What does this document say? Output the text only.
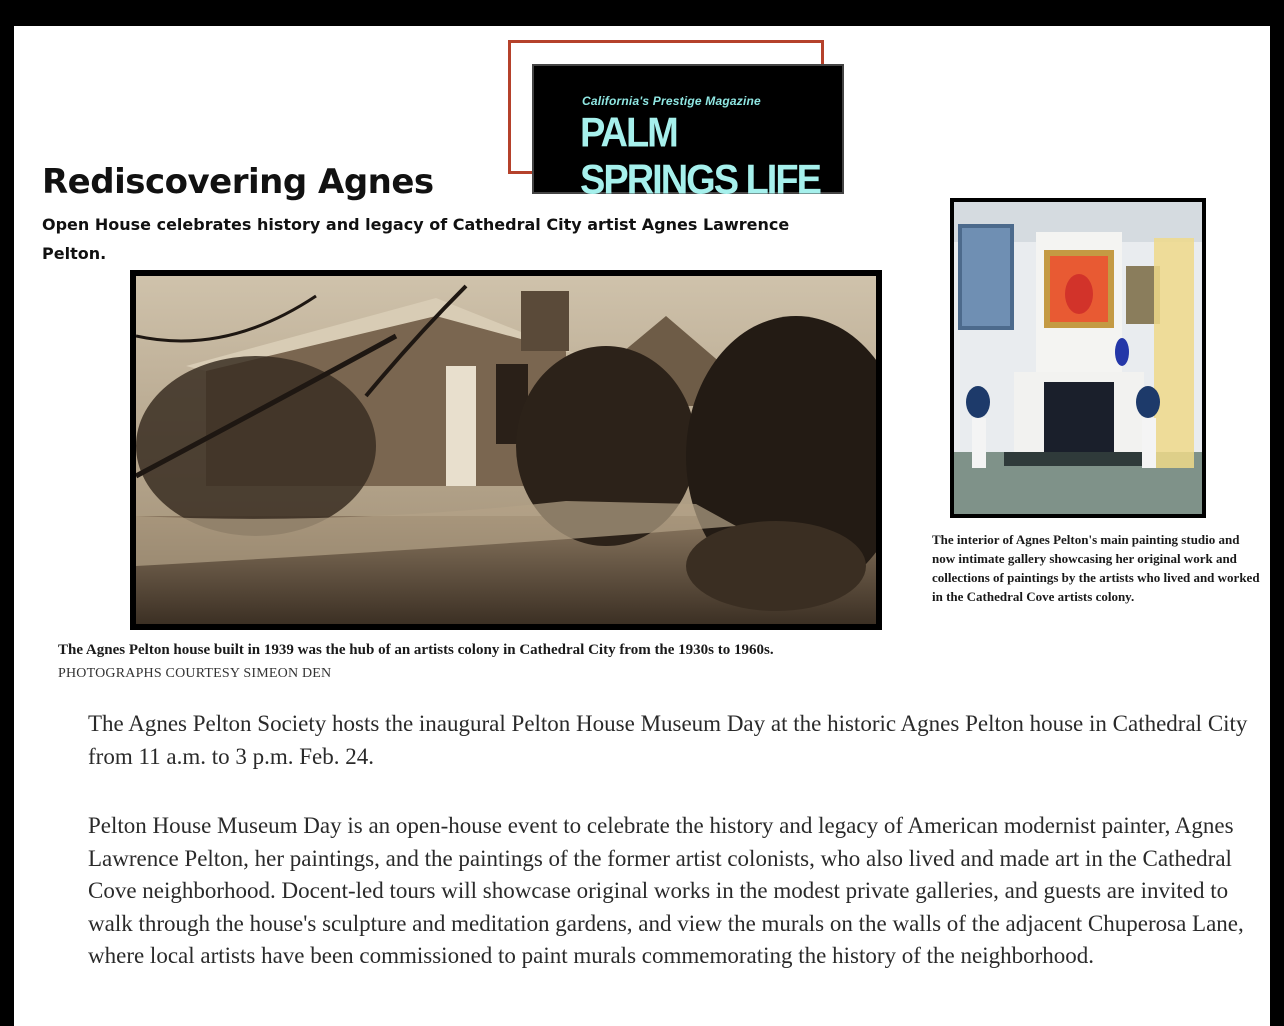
California's Prestige Magazine
PALM SPRINGS LIFE
Rediscovering Agnes

Open House celebrates history and legacy of Cathedral City artist Agnes Lawrence Pelton.

The interior of Agnes Pelton's main painting studio and now intimate gallery showcasing her original work and collections of paintings by the artists who lived and worked in the Cathedral Cove artists colony.

The Agnes Pelton house built in 1939 was the hub of an artists colony in Cathedral City from the 1930s to 1960s.

PHOTOGRAPHS COURTESY SIMEON DEN

The Agnes Pelton Society hosts the inaugural Pelton House Museum Day at the historic Agnes Pelton house in Cathedral City from 11 a.m. to 3 p.m. Feb. 24.

Pelton House Museum Day is an open-house event to celebrate the history and legacy of American modernist painter, Agnes Lawrence Pelton, her paintings, and the paintings of the former artist colonists, who also lived and made art in the Cathedral Cove neighborhood. Docent-led tours will showcase original works in the modest private galleries, and guests are invited to walk through the house's sculpture and meditation gardens, and view the murals on the walls of the adjacent Chuperosa Lane, where local artists have been commissioned to paint murals commemorating the history of the neighborhood.
